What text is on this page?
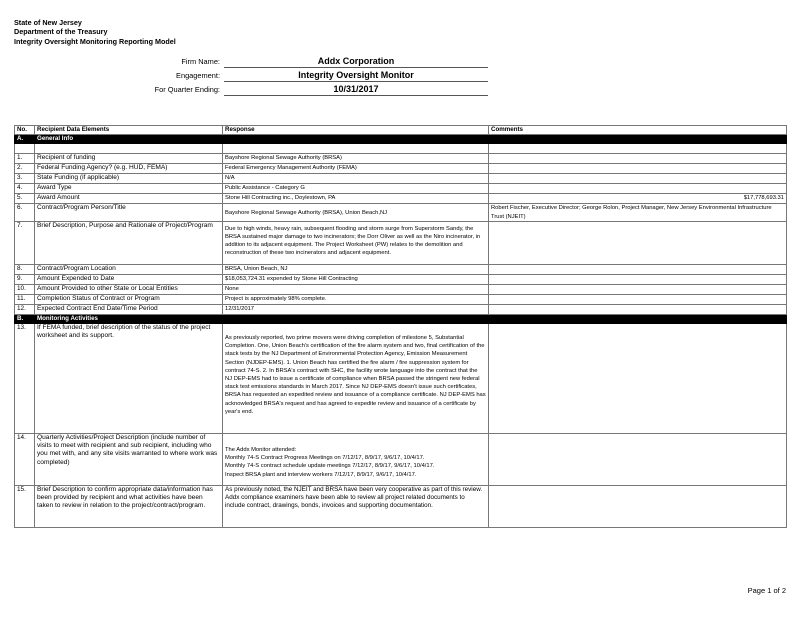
State of New Jersey
Department of the Treasury
Integrity Oversight Monitoring Reporting Model
Firm Name:	Addx Corporation
Engagement:	Integrity Oversight Monitor
For Quarter Ending:	10/31/2017
No.	Recipient Data Elements	Response	Comments
A.	General Info		

1.	Recipient of funding	Bayshore Regional Sewage Authority (BRSA)	
2.	Federal Funding Agency? (e.g. HUD, FEMA)	Federal Emergency Management Authority (FEMA)	
3.	State Funding (if applicable)	N/A	
4.	Award Type	Public Assistance - Category G	
5.	Award Amount	Stone Hill Contracting inc., Doylestown, PA	$17,778,693.31
6.	Contract/Program Person/Title	Bayshore Regional Sewage Authority (BRSA), Union Beach,NJ	Robert Fischer, Executive Director; George Rolon, Project Manager, New Jersey Environmental Infrastructure Trust (NJEIT)
7.	Brief Description, Purpose and Rationale of Project/Program	Due to high winds, heavy rain, subsequent flooding and storm surge from Superstorm Sandy, the BRSA sustained major damage to two incinerators; the Dorr Oliver as well as the Niro incinerator, in addition to its adjacent equipment. The Project Worksheet (PW) relates to the demolition and reconstruction of these two incinerators and adjacent equipment.	
8.	Contract/Program Location	BRSA, Union Beach, NJ	
9.	Amount Expended to Date	$18,053,724.31 expended by Stone Hill Contracting	
10.	Amount Provided to other State or Local Entities	None	
11.	Completion Status of Contract or Program	Project is approximately 98% complete.	
12.	Expected Contract End Date/Time Period	12/31/2017	
B.	Monitoring Activities		
13.	If FEMA funded, brief description of the status of the project worksheet and its support.	As previously reported, two prime movers were driving completion of milestone 5, Substantial Completion. One, Union Beach's certification of the fire alarm system and two, final certification of the stack tests by the NJ Department of Environmental Protection Agency, Emission Measurement Section (NJDEP-EMS). 1. Union Beach has certified the fire alarm / fire suppression system for contract 74-S. 2. In BRSA's contract with SHC, the facility wrote language into the contract that the NJ DEP-EMS had to issue a certificate of compliance when BRSA passed the stringent new federal stack test emissions standards in March 2017. Since NJ DEP-EMS doesn't issue such certificates, BRSA has requested an expedited review and issuance of a compliance certificate. NJ DEP-EMS has acknowledged BRSA's request and has agreed to expedite review and issuance of a certificate by year's end.	
14.	Quarterly Activities/Project Description (include number of visits to meet with recipient and sub recipient, including who you met with, and any site visits warranted to where work was completed)	The Addx Monitor attended:
Monthly 74-S Contract Progress Meetings on 7/12/17, 8/9/17, 9/6/17, 10/4/17.
Monthly 74-S contract schedule update meetings 7/12/17, 8/9/17, 9/6/17, 10/4/17.
Inspect BRSA plant and interview workers 7/12/17, 8/9/17, 9/6/17, 10/4/17.	

15.	Brief Description to confirm appropriate data/information has been provided by recipient and what activities have been taken to review in relation to the project/contract/program.	As previously noted, the NJEIT and BRSA have been very cooperative as part of this review. Addx compliance examiners have been able to review all project related documents to include contract, drawings, bonds, invoices and supporting documentation.	
Page 1 of 2
